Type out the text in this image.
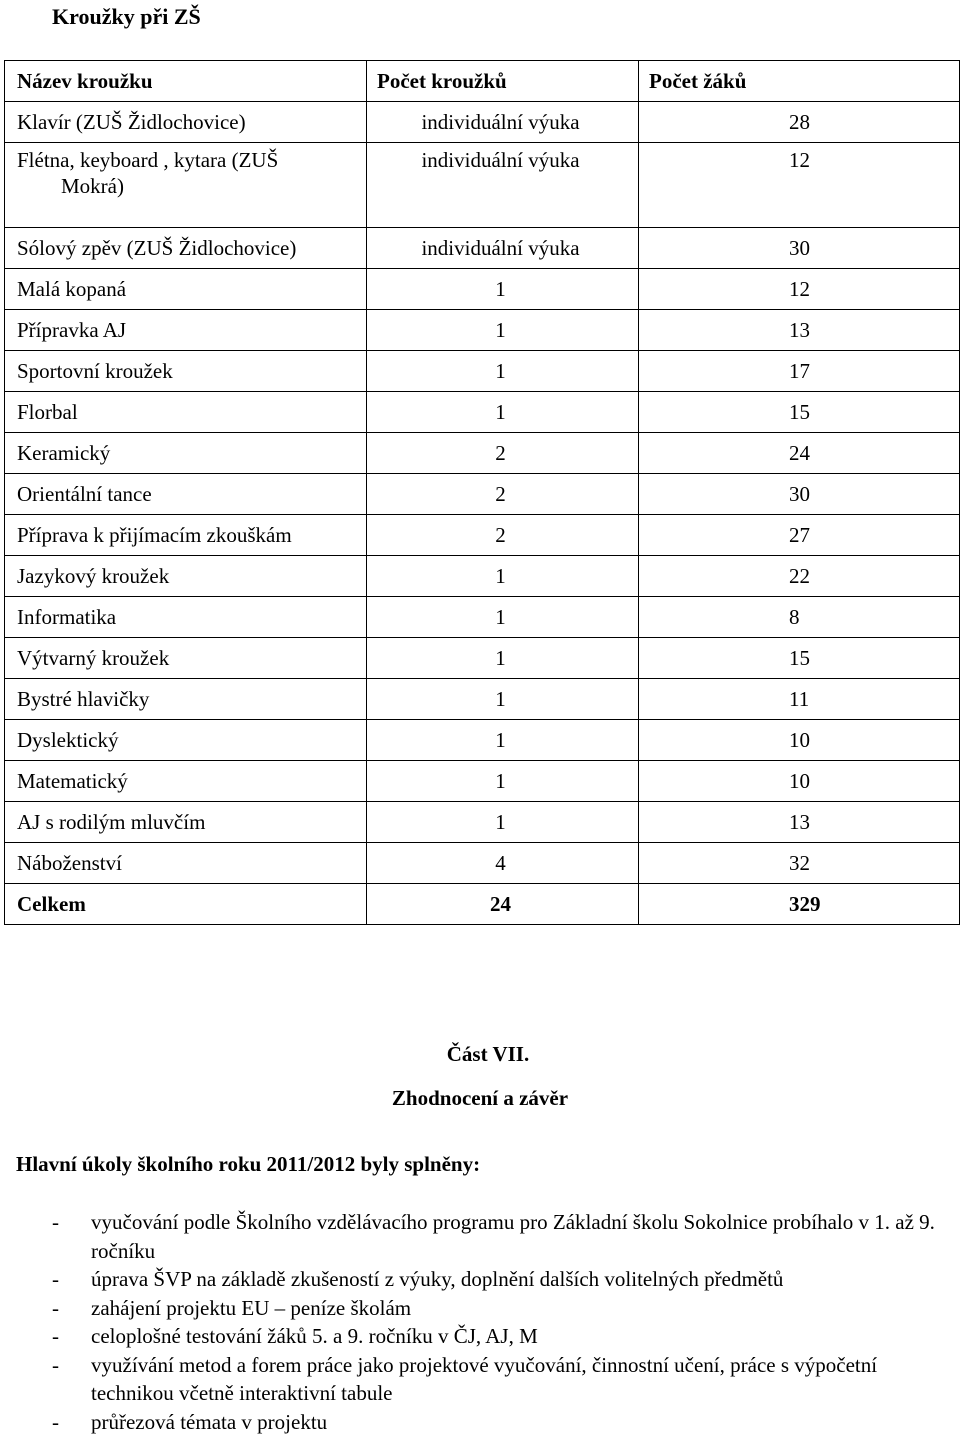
Kroužky při ZŠ
Název kroužku	Počet kroužků	Počet žáků
Klavír (ZUŠ Židlochovice)	individuální výuka	28
Flétna, keyboard , kytara (ZUŠ
Mokrá)	individuální výuka	12
Sólový zpěv (ZUŠ Židlochovice)	individuální výuka	30
Malá kopaná	1	12
Přípravka AJ	1	13
Sportovní kroužek	1	17
Florbal	1	15
Keramický	2	24
Orientální tance	2	30
Příprava k přijímacím zkouškám	2	27
Jazykový kroužek	1	22
Informatika	1	8
Výtvarný kroužek	1	15
Bystré hlavičky	1	11
Dyslektický	1	10
Matematický	1	10
AJ s rodilým mluvčím	1	13
Náboženství	4	32
Celkem	24	329
Část VII.
Zhodnocení a závěr
Hlavní úkoly školního roku 2011/2012 byly splněny:
- vyučování podle Školního vzdělávacího programu pro Základní školu Sokolnice probíhalo v 1. až 9. ročníku
- úprava ŠVP na základě zkušeností z výuky, doplnění dalších volitelných předmětů
- zahájení projektu EU – peníze školám
- celoplošné testování žáků 5. a 9. ročníku v ČJ, AJ, M
- využívání metod a forem práce jako projektové vyučování, činnostní učení, práce s výpočetní technikou včetně interaktivní tabule
- průřezová témata v projektu
